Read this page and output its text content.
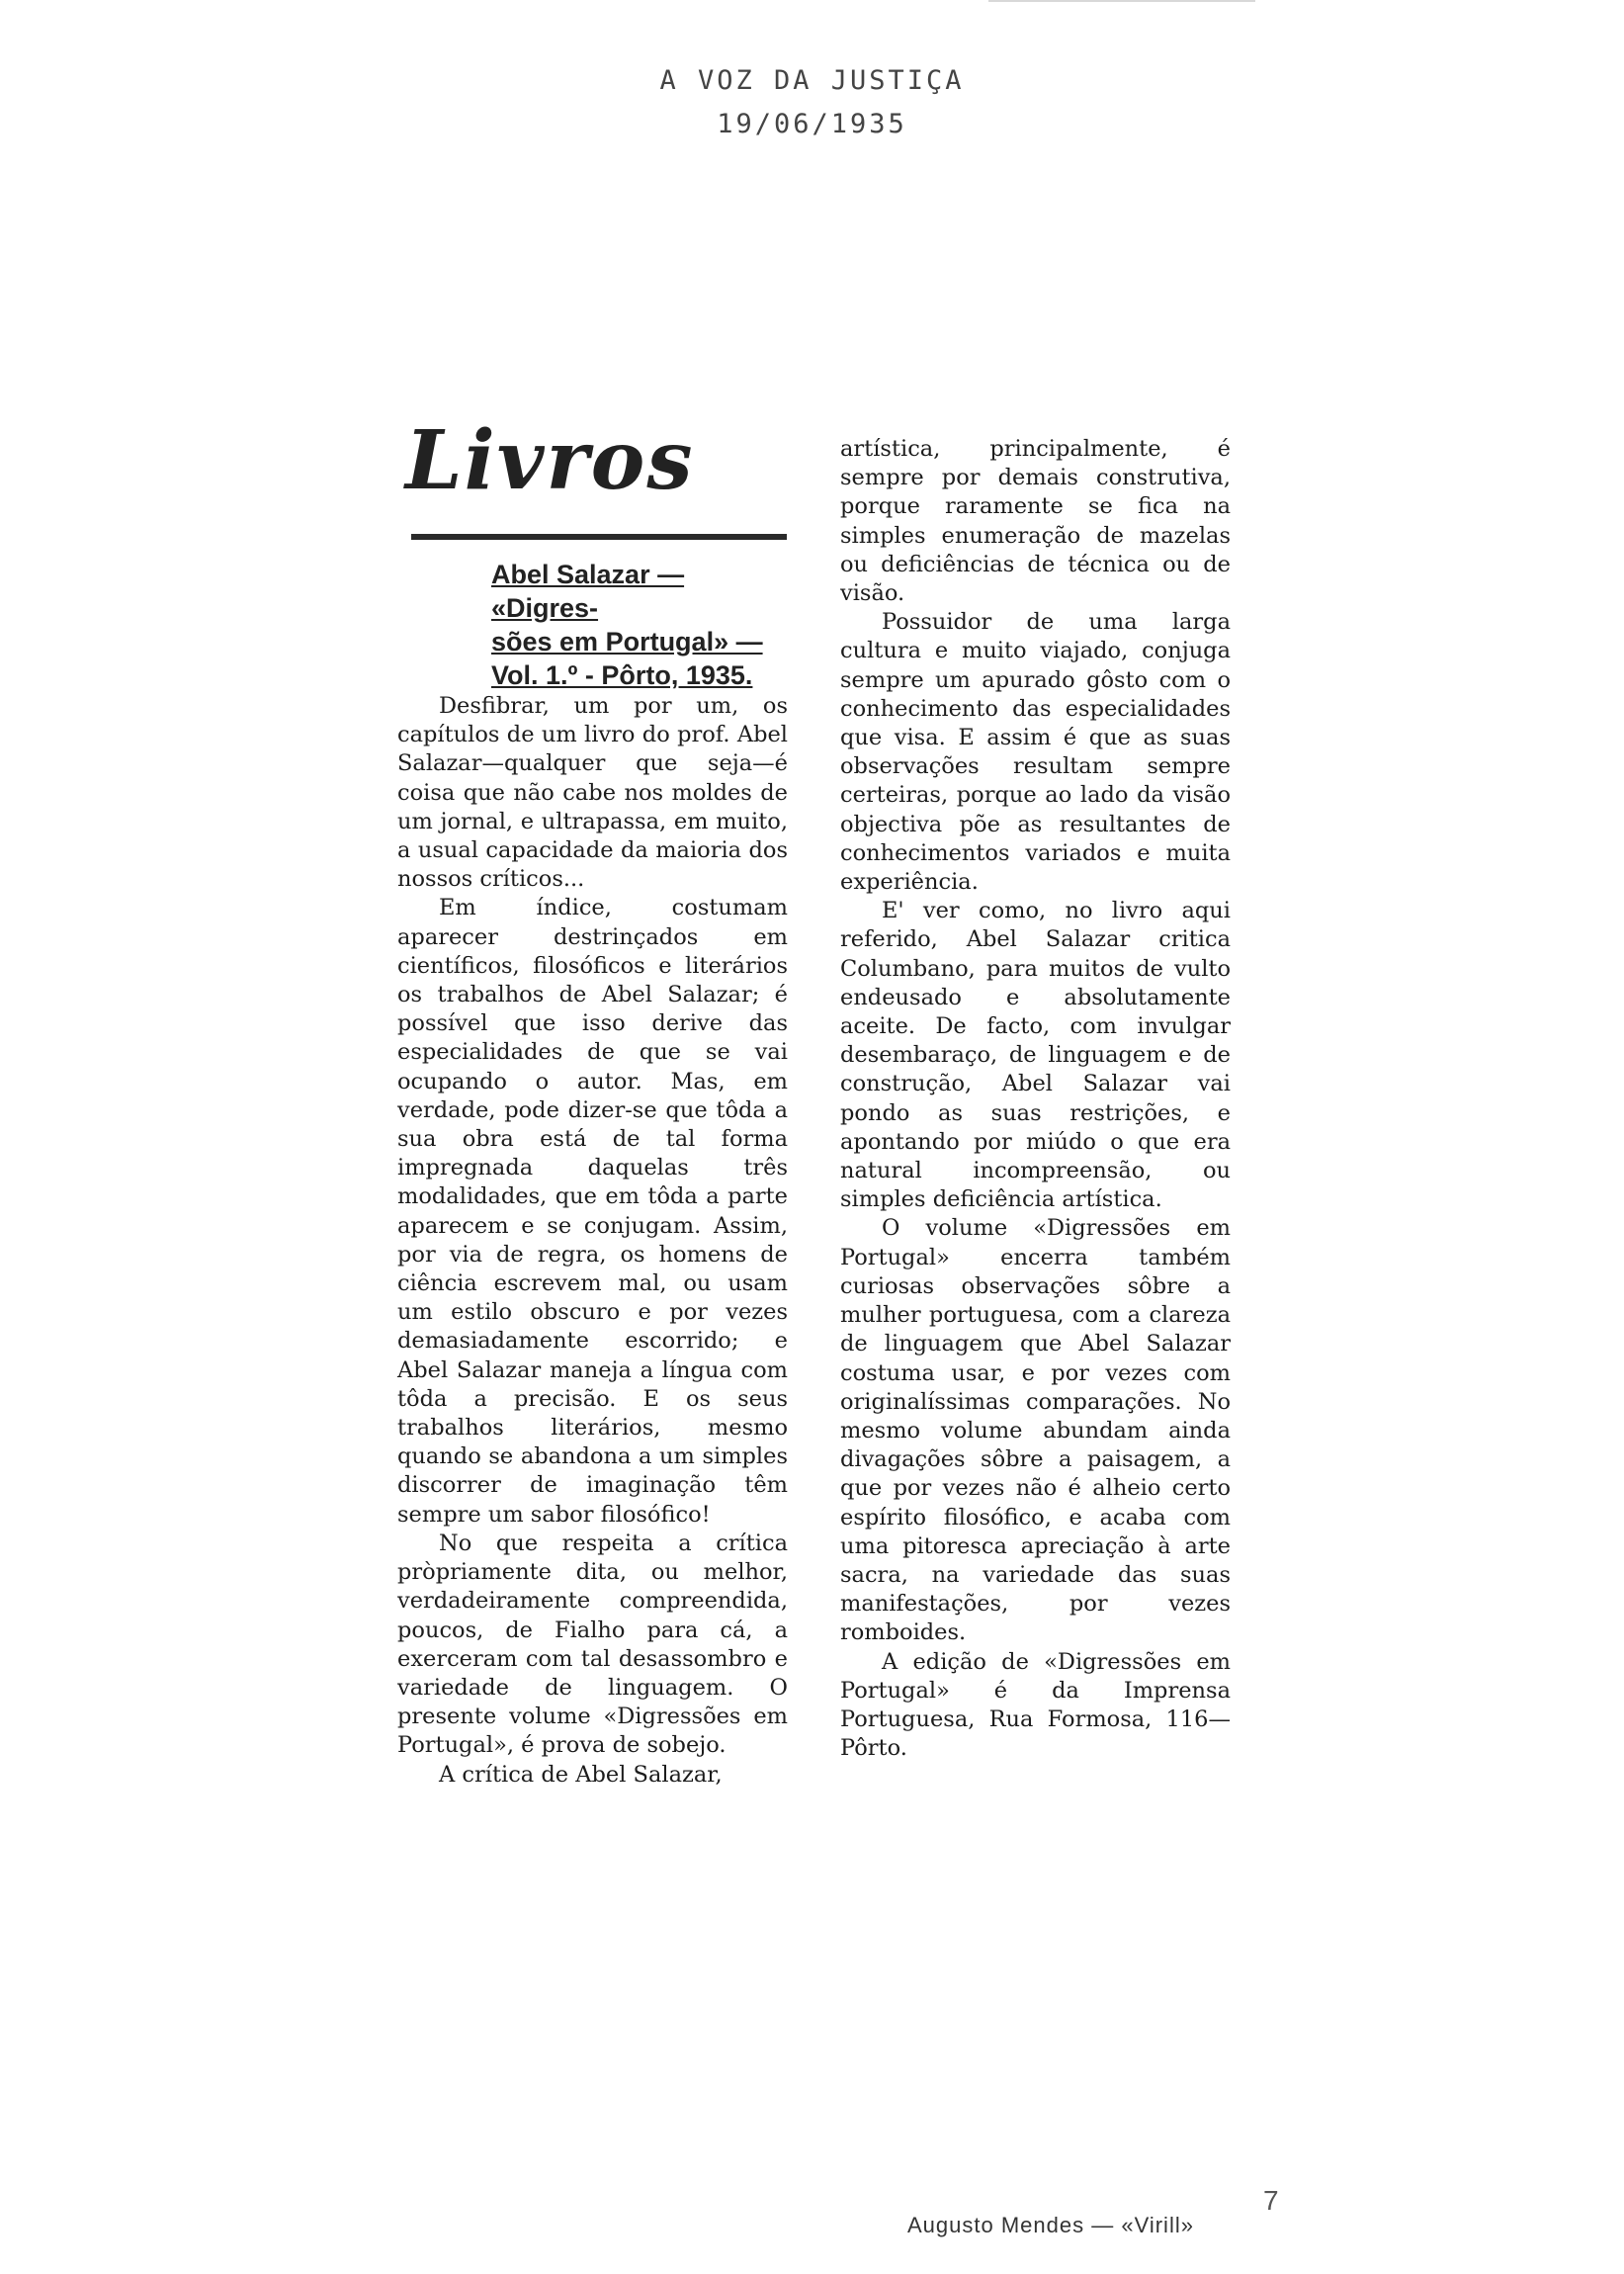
A VOZ DA JUSTIÇA
19/06/1935
Livros
Abel Salazar — «Digres-
sões em Portugal» —
Vol. 1.º - Pôrto, 1935.

Desfibrar, um por um, os capítulos de um livro do prof. Abel Salazar—qualquer que seja—é coisa que não cabe nos moldes de um jornal, e ultrapassa, em muito, a usual capacidade da maioria dos nossos críticos...

Em índice, costumam aparecer destrinçados em científicos, filosóficos e literários os trabalhos de Abel Salazar; é possível que isso derive das especialidades de que se vai ocupando o autor. Mas, em verdade, pode dizer-se que tôda a sua obra está de tal forma impregnada daquelas três modalidades, que em tôda a parte aparecem e se conjugam. Assim, por via de regra, os homens de ciência escrevem mal, ou usam um estilo obscuro e por vezes demasiadamente escorrido; e Abel Salazar maneja a língua com tôda a precisão. E os seus trabalhos literários, mesmo quando se abandona a um simples discorrer de imaginação têm sempre um sabor filosófico!

No que respeita a crítica pròpriamente dita, ou melhor, verdadeiramente compreendida, poucos, de Fialho para cá, a exerceram com tal desassombro e variedade de linguagem. O presente volume «Digressões em Portugal», é prova de sobejo.

A crítica de Abel Salazar,

artística, principalmente, é sempre por demais construtiva, porque raramente se fica na simples enumeração de mazelas ou deficiências de técnica ou de visão.

Possuidor de uma larga cultura e muito viajado, conjuga sempre um apurado gôsto com o conhecimento das especialidades que visa. E assim é que as suas observações resultam sempre certeiras, porque ao lado da visão objectiva põe as resultantes de conhecimentos variados e muita experiência.

E' ver como, no livro aqui referido, Abel Salazar critica Columbano, para muitos de vulto endeusado e absolutamente aceite. De facto, com invulgar desembaraço, de linguagem e de construção, Abel Salazar vai pondo as suas restrições, e apontando por miúdo o que era natural incompreensão, ou simples deficiência artística.

O volume «Digressões em Portugal» encerra também curiosas observações sôbre a mulher portuguesa, com a clareza de linguagem que Abel Salazar costuma usar, e por vezes com originalíssimas comparações. No mesmo volume abundam ainda divagações sôbre a paisagem, a que por vezes não é alheio certo espírito filosófico, e acaba com uma pitoresca apreciação à arte sacra, na variedade das suas manifestações, por vezes romboides.

A edição de «Digressões em Portugal» é da Imprensa Portuguesa, Rua Formosa, 116—Pôrto.

Augusto Mendes — «Virill»
7
